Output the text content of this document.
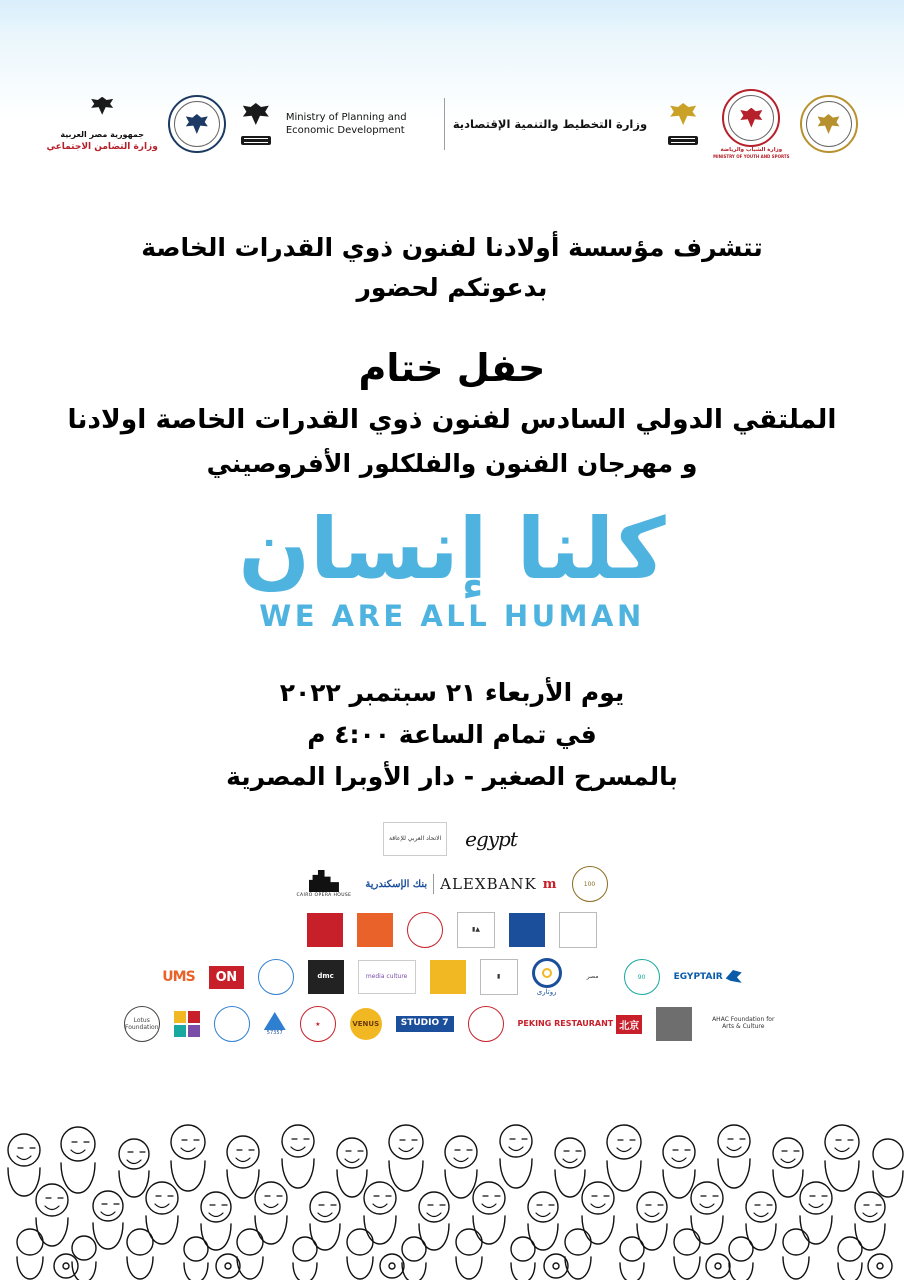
وزارة الشباب والرياضة
MINISTRY OF YOUTH AND SPORTS
وزارة التخطيط والتنمية الإقتصادية
Ministry of Planning and Economic Development
جمهورية مصر العربية
وزارة التضامن الاجتماعي
تتشرف مؤسسة أولادنا لفنون ذوي القدرات الخاصة
بدعوتكم لحضور
حفل ختام
الملتقي الدولي السادس لفنون ذوي القدرات الخاصة اولادنا
و مهرجان الفنون والفلكلور الأفروصيني
كلنا إنسان
WE ARE ALL HUMAN
يوم الأربعاء ٢١ سبتمبر ٢٠٢٢
في تمام الساعة ٤:٠٠ م
بالمسرح الصغير - دار الأوبرا المصرية
egypt
الاتحاد العربي للإعاقة
100
m
ALEXBANK
بنك الإسكندرية
CAIRO OPERA HOUSE
▲▮
EGYPTAIR
90
مصر
روتارى
▮
media culture
dmc
ON
UMS
AHAC Foundation for Arts & Culture
北京
PEKING RESTAURANT
STUDIO 7
VENUS
★
57357
Lotus Foundation
